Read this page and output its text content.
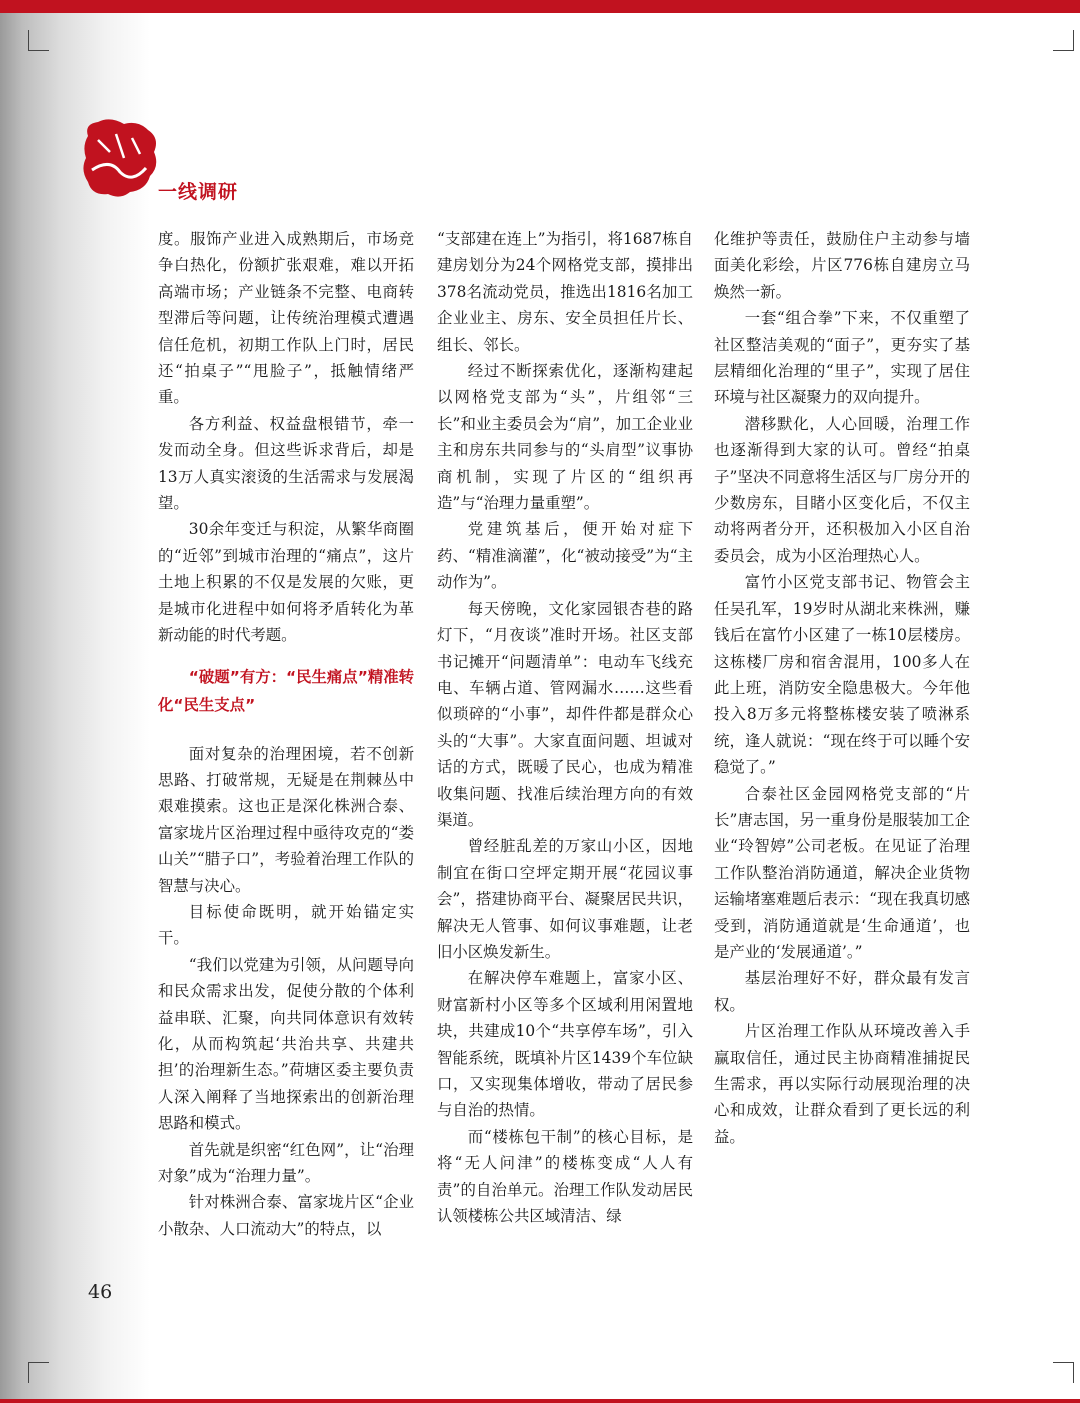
一线调研

度。服饰产业进入成熟期后，市场竞争白热化，份额扩张艰难，难以开拓高端市场；产业链条不完整、电商转型滞后等问题，让传统治理模式遭遇信任危机，初期工作队上门时，居民还“拍桌子”“甩脸子”，抵触情绪严重。

各方利益、权益盘根错节，牵一发而动全身。但这些诉求背后，却是13万人真实滚烫的生活需求与发展渴望。

30余年变迁与积淀，从繁华商圈的“近邻”到城市治理的“痛点”，这片土地上积累的不仅是发展的欠账，更是城市化进程中如何将矛盾转化为革新动能的时代考题。

“破题”有方：“民生痛点”精准转化“民生支点”

面对复杂的治理困境，若不创新思路、打破常规，无疑是在荆棘丛中艰难摸索。这也正是深化株洲合泰、富家垅片区治理过程中亟待攻克的“娄山关”“腊子口”，考验着治理工作队的智慧与决心。

目标使命既明，就开始锚定实干。

“我们以党建为引领，从问题导向和民众需求出发，促使分散的个体利益串联、汇聚，向共同体意识有效转化，从而构筑起‘共治共享、共建共担’的治理新生态。”荷塘区委主要负责人深入阐释了当地探索出的创新治理思路和模式。

首先就是织密“红色网”，让“治理对象”成为“治理力量”。

针对株洲合泰、富家垅片区“企业小散杂、人口流动大”的特点，以

“支部建在连上”为指引，将1687栋自建房划分为24个网格党支部，摸排出378名流动党员，推选出1816名加工企业业主、房东、安全员担任片长、组长、邻长。

经过不断探索优化，逐渐构建起以网格党支部为“头”，片组邻“三长”和业主委员会为“肩”，加工企业业主和房东共同参与的“头肩型”议事协商机制，实现了片区的“组织再造”与“治理力量重塑”。

党建筑基后，便开始对症下药、“精准滴灌”，化“被动接受”为“主动作为”。

每天傍晚，文化家园银杏巷的路灯下，“月夜谈”准时开场。社区支部书记摊开“问题清单”：电动车飞线充电、车辆占道、管网漏水……这些看似琐碎的“小事”，却件件都是群众心头的“大事”。大家直面问题、坦诚对话的方式，既暖了民心，也成为精准收集问题、找准后续治理方向的有效渠道。

曾经脏乱差的万家山小区，因地制宜在街口空坪定期开展“花园议事会”，搭建协商平台、凝聚居民共识，解决无人管事、如何议事难题，让老旧小区焕发新生。

在解决停车难题上，富家小区、财富新村小区等多个区域利用闲置地块，共建成10个“共享停车场”，引入智能系统，既填补片区1439个车位缺口，又实现集体增收，带动了居民参与自治的热情。

而“楼栋包干制”的核心目标，是将“无人问津”的楼栋变成“人人有责”的自治单元。治理工作队发动居民认领楼栋公共区域清洁、绿

化维护等责任，鼓励住户主动参与墙面美化彩绘，片区776栋自建房立马焕然一新。

一套“组合拳”下来，不仅重塑了社区整洁美观的“面子”，更夯实了基层精细化治理的“里子”，实现了居住环境与社区凝聚力的双向提升。

潜移默化，人心回暖，治理工作也逐渐得到大家的认可。曾经“拍桌子”坚决不同意将生活区与厂房分开的少数房东，目睹小区变化后，不仅主动将两者分开，还积极加入小区自治委员会，成为小区治理热心人。

富竹小区党支部书记、物管会主任吴孔军，19岁时从湖北来株洲，赚钱后在富竹小区建了一栋10层楼房。这栋楼厂房和宿舍混用，100多人在此上班，消防安全隐患极大。今年他投入8万多元将整栋楼安装了喷淋系统，逢人就说：“现在终于可以睡个安稳觉了。”

合泰社区金园网格党支部的“片长”唐志国，另一重身份是服装加工企业“玲智婷”公司老板。在见证了治理工作队整治消防通道，解决企业货物运输堵塞难题后表示：“现在我真切感受到，消防通道就是‘生命通道’，也是产业的‘发展通道’。”

基层治理好不好，群众最有发言权。

片区治理工作队从环境改善入手赢取信任，通过民主协商精准捕捉民生需求，再以实际行动展现治理的决心和成效，让群众看到了更长远的利益。

46
